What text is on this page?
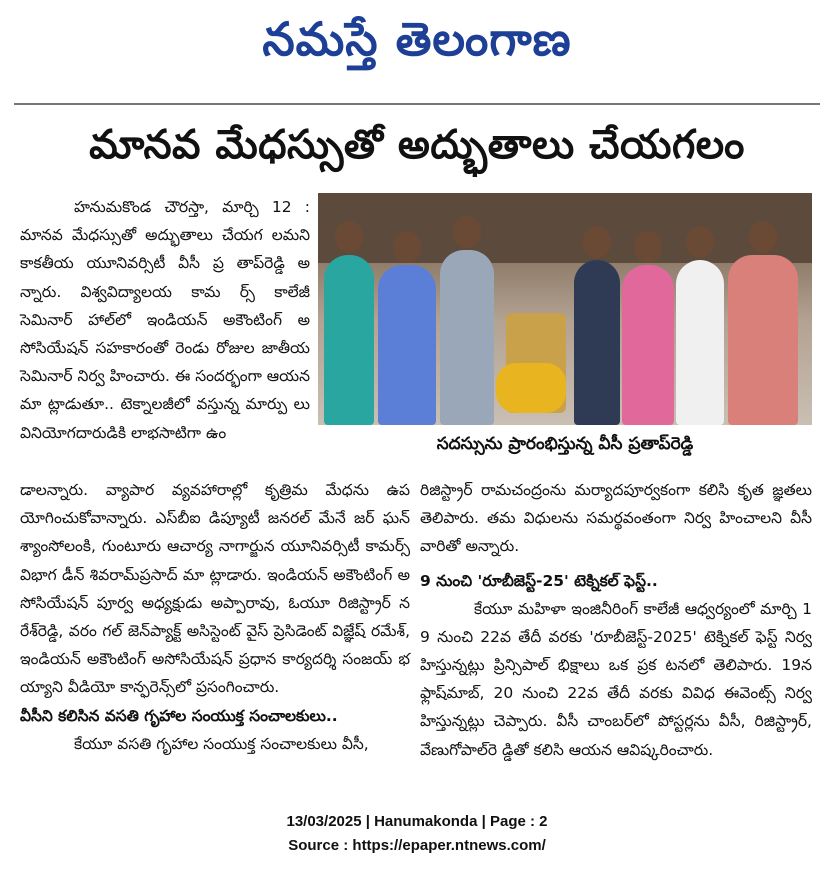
నమస్తే తెలంగాణ
మానవ మేధస్సుతో అద్భుతాలు చేయగలం

హనుమకొండ చౌరస్తా, మార్చి 12 : మానవ మేధస్సుతో అద్భుతాలు చేయగ లమని కాకతీయ యూనివర్సిటీ వీసీ ప్ర తాప్‌రెడ్డి అన్నారు. విశ్వవిద్యాలయ కామ ర్స్ కాలేజీ సెమినార్ హాల్‌లో ఇండియన్ అకౌంటింగ్ అసోసియేషన్ సహకారంతో రెండు రోజుల జాతీయ సెమినార్ నిర్వ హించారు. ఈ సందర్భంగా ఆయన మా ట్లాడుతూ.. టెక్నాలజీలో వస్తున్న మార్పు లు వినియోగదారుడికి లాభసాటిగా ఉం

సదస్సును ప్రారంభిస్తున్న వీసీ ప్రతాప్‌రెడ్డి

డాలన్నారు. వ్యాపార వ్యవహారాల్లో కృత్రిమ మేధను ఉప యోగించుకోవాన్నారు. ఎస్‌బీఐ డిప్యూటీ జనరల్ మేనే జర్ ఘన్ శ్యాంసోలంకి, గుంటూరు ఆచార్య నాగార్జున యూనివర్సిటీ కామర్స్ విభాగ డీన్ శివరామ్‌ప్రసాద్ మా ట్లాడారు. ఇండియన్ అకౌంటింగ్ అసోసియేషన్ పూర్వ అధ్యక్షుడు అప్పారావు, ఓయూ రిజిస్ట్రార్ నరేశ్‌రెడ్డి, వరం గల్ జెన్‌ప్యాక్ట్ అసిస్టెంట్ వైస్ ప్రెసిడెంట్ విజ్ఞేష్ రమేశ్, ఇండియన్ అకౌంటింగ్ అసోసియేషన్ ప్రధాన కార్యదర్శి సంజయ్ భయ్యాని వీడియో కాన్ఫరెన్స్‌లో ప్రసంగించారు.

వీసీని కలిసిన వసతి గృహాల సంయుక్త సంచాలకులు..

కేయూ వసతి గృహాల సంయుక్త సంచాలకులు వీసీ,

రిజిస్ట్రార్ రామచంద్రంను మర్యాదపూర్వకంగా కలిసి కృత జ్ఞతలు తెలిపారు. తమ విధులను సమర్థవంతంగా నిర్వ హించాలని వీసీ వారితో అన్నారు.

9 నుంచి 'రూబీజెస్ట్-25' టెక్నికల్ ఫెస్ట్..

కేయూ మహిళా ఇంజినీరింగ్ కాలేజీ ఆధ్వర్యంలో మార్చి 19 నుంచి 22వ తేదీ వరకు 'రూబీజెస్ట్-2025' టెక్నికల్ ఫెస్ట్ నిర్వహిస్తున్నట్లు ప్రిన్సిపాల్ భిక్షాలు ఒక ప్రక టనలో తెలిపారు. 19న ఫ్లాష్‌మాబ్, 20 నుంచి 22వ తేదీ వరకు వివిధ ఈవెంట్స్ నిర్వహిస్తున్నట్లు చెప్పారు. వీసీ చాంబర్‌లో పోస్టర్లను వీసీ, రిజిస్ట్రార్, వేణుగోపాల్‌రె డ్డితో కలిసి ఆయన ఆవిష్కరించారు.

13/03/2025 | Hanumakonda | Page : 2
Source : https://epaper.ntnews.com/
